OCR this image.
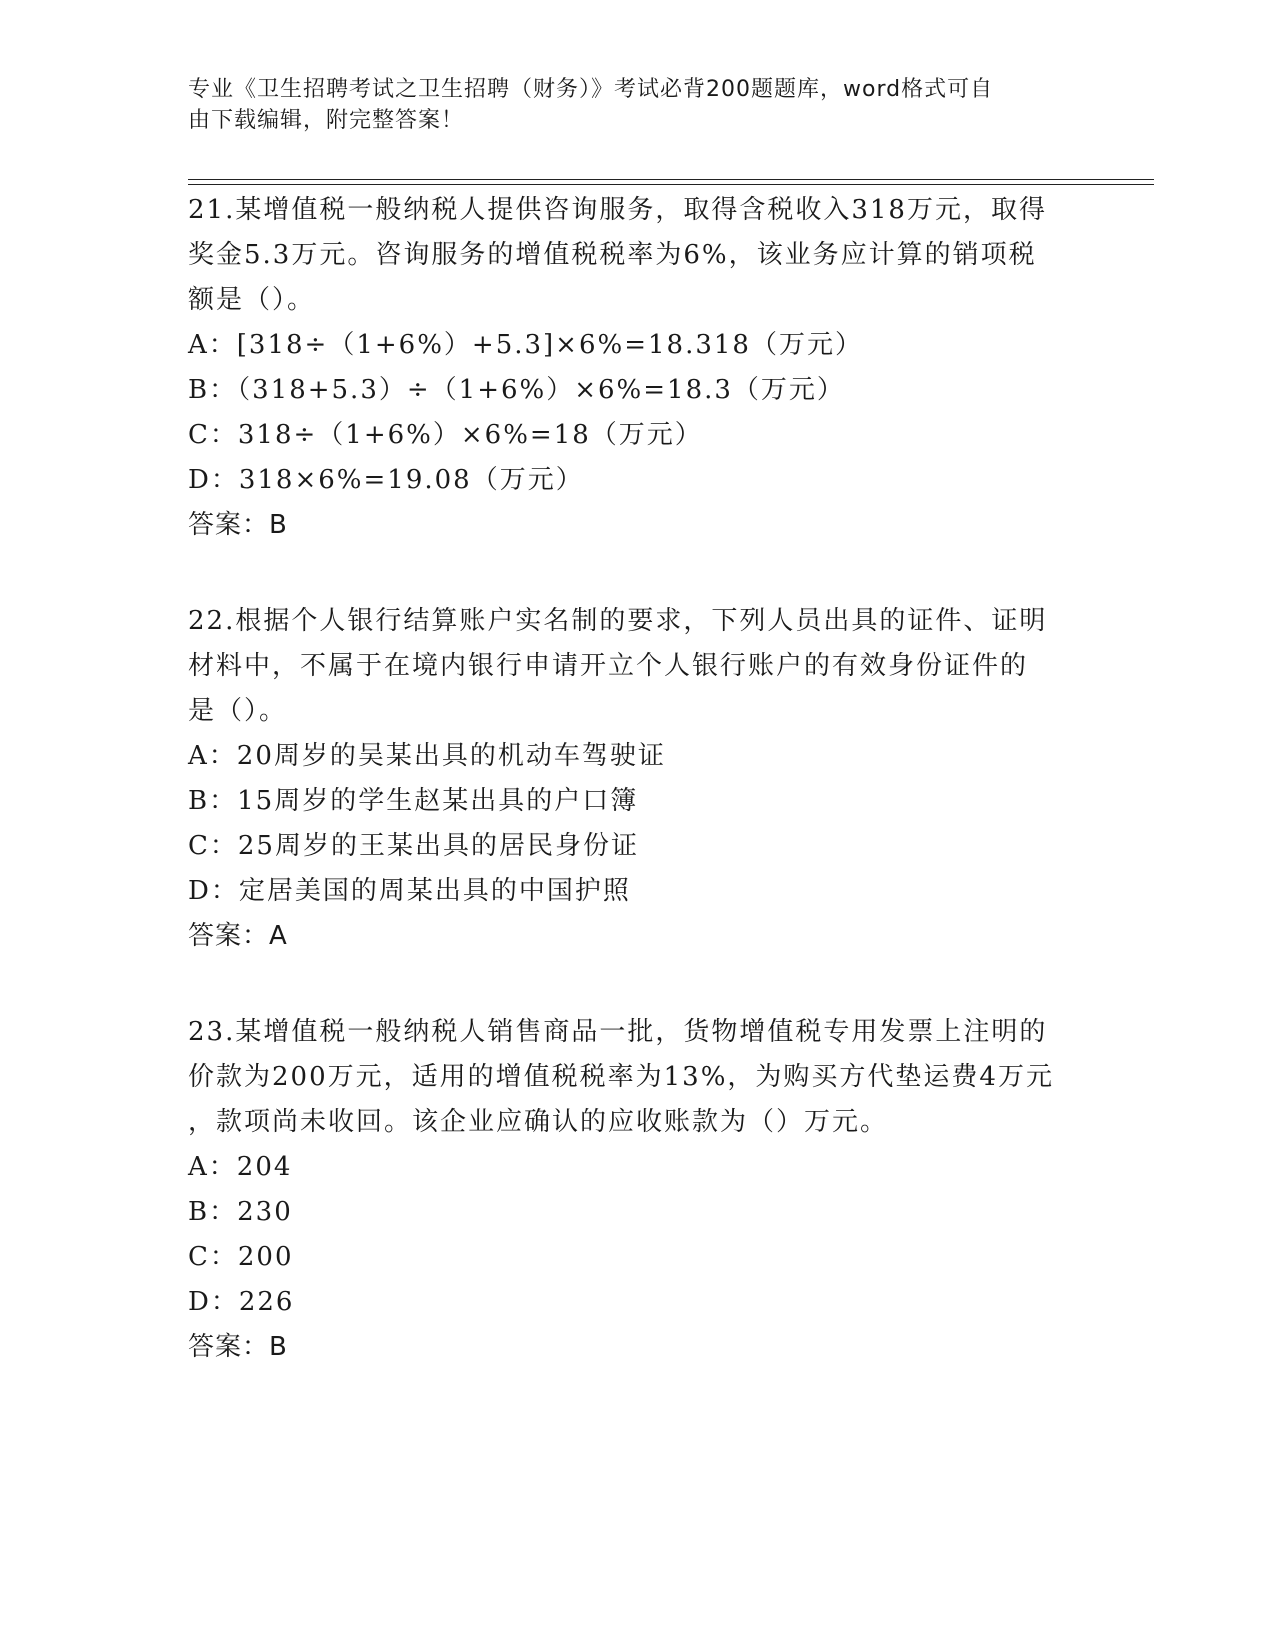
专业《卫生招聘考试之卫生招聘（财务）》考试必背200题题库，word格式可自
由下载编辑，附完整答案！
21.某增值税一般纳税人提供咨询服务，取得含税收入318万元，取得
奖金5.3万元。咨询服务的增值税税率为6%，该业务应计算的销项税
额是（）。
A：[318÷（1+6%）+5.3]×6%=18.318（万元）
B：（318+5.3）÷（1+6%）×6%=18.3（万元）
C：318÷（1+6%）×6%=18（万元）
D：318×6%=19.08（万元）
答案：B
22.根据个人银行结算账户实名制的要求，下列人员出具的证件、证明
材料中，不属于在境内银行申请开立个人银行账户的有效身份证件的
是（）。
A：20周岁的吴某出具的机动车驾驶证
B：15周岁的学生赵某出具的户口簿
C：25周岁的王某出具的居民身份证
D：定居美国的周某出具的中国护照
答案：A
23.某增值税一般纳税人销售商品一批，货物增值税专用发票上注明的
价款为200万元，适用的增值税税率为13%，为购买方代垫运费4万元
，款项尚未收回。该企业应确认的应收账款为（）万元。
A：204
B：230
C：200
D：226
答案：B
